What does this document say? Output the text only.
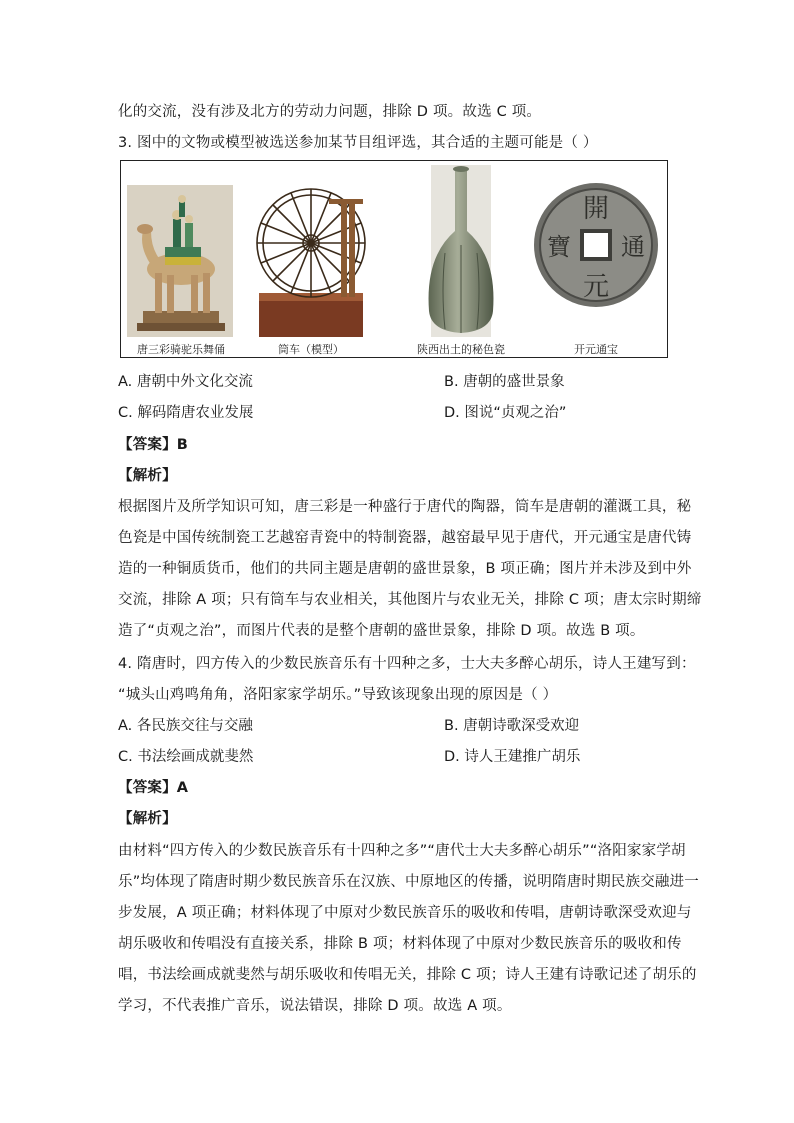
化的交流，没有涉及北方的劳动力问题，排除 D 项。故选 C 项。
3. 图中的文物或模型被选送参加某节目组评选，其合适的主题可能是（ ）
唐三彩骑驼乐舞俑	筒车（模型）	陕西出土的秘色瓷
開
元
通
寶
开元通宝
A. 唐朝中外文化交流	B. 唐朝的盛世景象
C. 解码隋唐农业发展	D. 图说“贞观之治”
【答案】B
【解析】
根据图片及所学知识可知，唐三彩是一种盛行于唐代的陶器，筒车是唐朝的灌溉工具，秘
色瓷是中国传统制瓷工艺越窑青瓷中的特制瓷器，越窑最早见于唐代，开元通宝是唐代铸
造的一种铜质货币，他们的共同主题是唐朝的盛世景象，B 项正确；图片并未涉及到中外
交流，排除 A 项；只有筒车与农业相关，其他图片与农业无关，排除 C 项；唐太宗时期缔
造了“贞观之治”，而图片代表的是整个唐朝的盛世景象，排除 D 项。故选 B 项。
4. 隋唐时，四方传入的少数民族音乐有十四种之多，士大夫多醉心胡乐，诗人王建写到：
“城头山鸡鸣角角，洛阳家家学胡乐。”导致该现象出现的原因是（ ）
A. 各民族交往与交融	B. 唐朝诗歌深受欢迎
C. 书法绘画成就斐然	D. 诗人王建推广胡乐
【答案】A
【解析】
由材料“四方传入的少数民族音乐有十四种之多”“唐代士大夫多醉心胡乐”“洛阳家家学胡
乐”均体现了隋唐时期少数民族音乐在汉族、中原地区的传播，说明隋唐时期民族交融进一
步发展，A 项正确；材料体现了中原对少数民族音乐的吸收和传唱，唐朝诗歌深受欢迎与
胡乐吸收和传唱没有直接关系，排除 B 项；材料体现了中原对少数民族音乐的吸收和传
唱，书法绘画成就斐然与胡乐吸收和传唱无关，排除 C 项；诗人王建有诗歌记述了胡乐的
学习，不代表推广音乐，说法错误，排除 D 项。故选 A 项。
